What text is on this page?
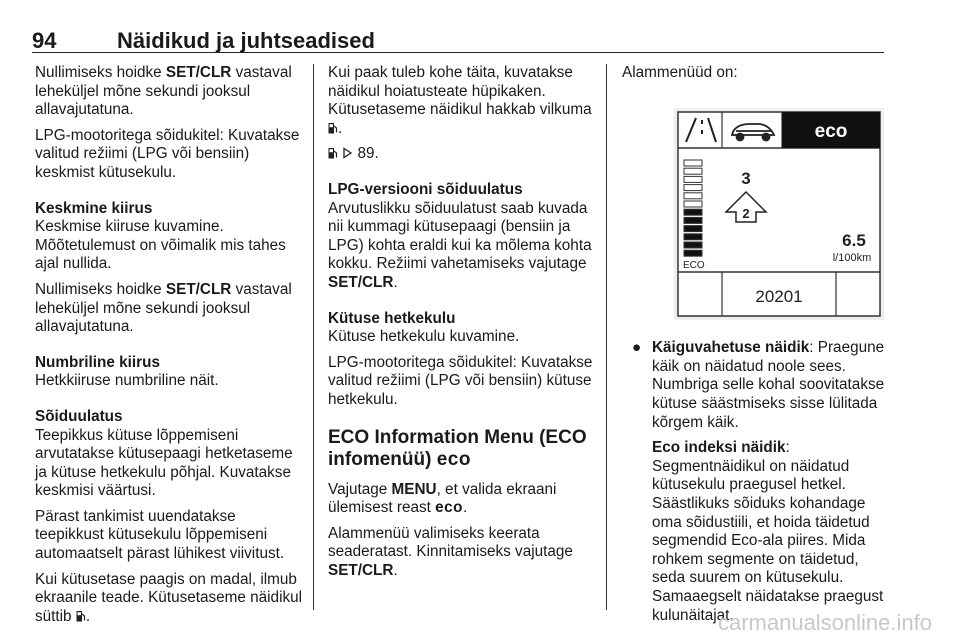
94	Näidikud ja juhtseadised

Nullimiseks hoidke SET/CLR vastaval leheküljel mõne sekundi jooksul allavajutatuna.

LPG-mootoritega sõidukitel: Kuvatakse valitud režiimi (LPG või bensiin) keskmist kütusekulu.

Keskmine kiirus

Keskmise kiiruse kuvamine.

Mõõtetulemust on võimalik mis tahes ajal nullida.

Nullimiseks hoidke SET/CLR vastaval leheküljel mõne sekundi jooksul allavajutatuna.

Numbriline kiirus

Hetkkiiruse numbriline näit.

Sõiduulatus

Teepikkus kütuse lõppemiseni arvutatakse kütusepaagi hetketaseme ja kütuse hetkekulu põhjal. Kuvatakse keskmisi väärtusi.

Pärast tankimist uuendatakse teepikkust kütusekulu lõppemiseni automaatselt pärast lühikest viivitust.

Kui kütusetase paagis on madal, ilmub ekraanile teade. Kütusetaseme näidikul süttib .

Kui paak tuleb kohe täita, kuvatakse näidikul hoiatusteate hüpikaken. Kütusetaseme näidikul hakkab vilkuma .

89.

LPG-versiooni sõiduulatus

Arvutuslikku sõiduulatust saab kuvada nii kummagi kütusepaagi (bensiin ja LPG) kohta eraldi kui ka mõlema kohta kokku. Režiimi vahetamiseks vajutage SET/CLR.

Kütuse hetkekulu

Kütuse hetkekulu kuvamine.

LPG-mootoritega sõidukitel: Kuvatakse valitud režiimi (LPG või bensiin) kütuse hetkekulu.

ECO Information Menu (ECO infomenüü) eco

Vajutage MENU, et valida ekraani ülemisest reast eco.

Alammenüü valimiseks keerata seaderatast. Kinnitamiseks vajutage SET/CLR.

Alammenüüd on:

eco
ECO
3
2
6.5
l/100km
20201
● Käiguvahetuse näidik: Praegune käik on näidatud noole sees. Numbriga selle kohal soovitatakse kütuse säästmiseks sisse lülitada kõrgem käik.

Eco indeksi näidik:

Segmentnäidikul on näidatud kütusekulu praegusel hetkel. Säästlikuks sõiduks kohandage oma sõidustiili, et hoida täidetud segmendid Eco-ala piires. Mida rohkem segmente on täidetud, seda suurem on kütusekulu. Samaaegselt näidatakse praegust kulunäitajat.

carmanualsonline.info
